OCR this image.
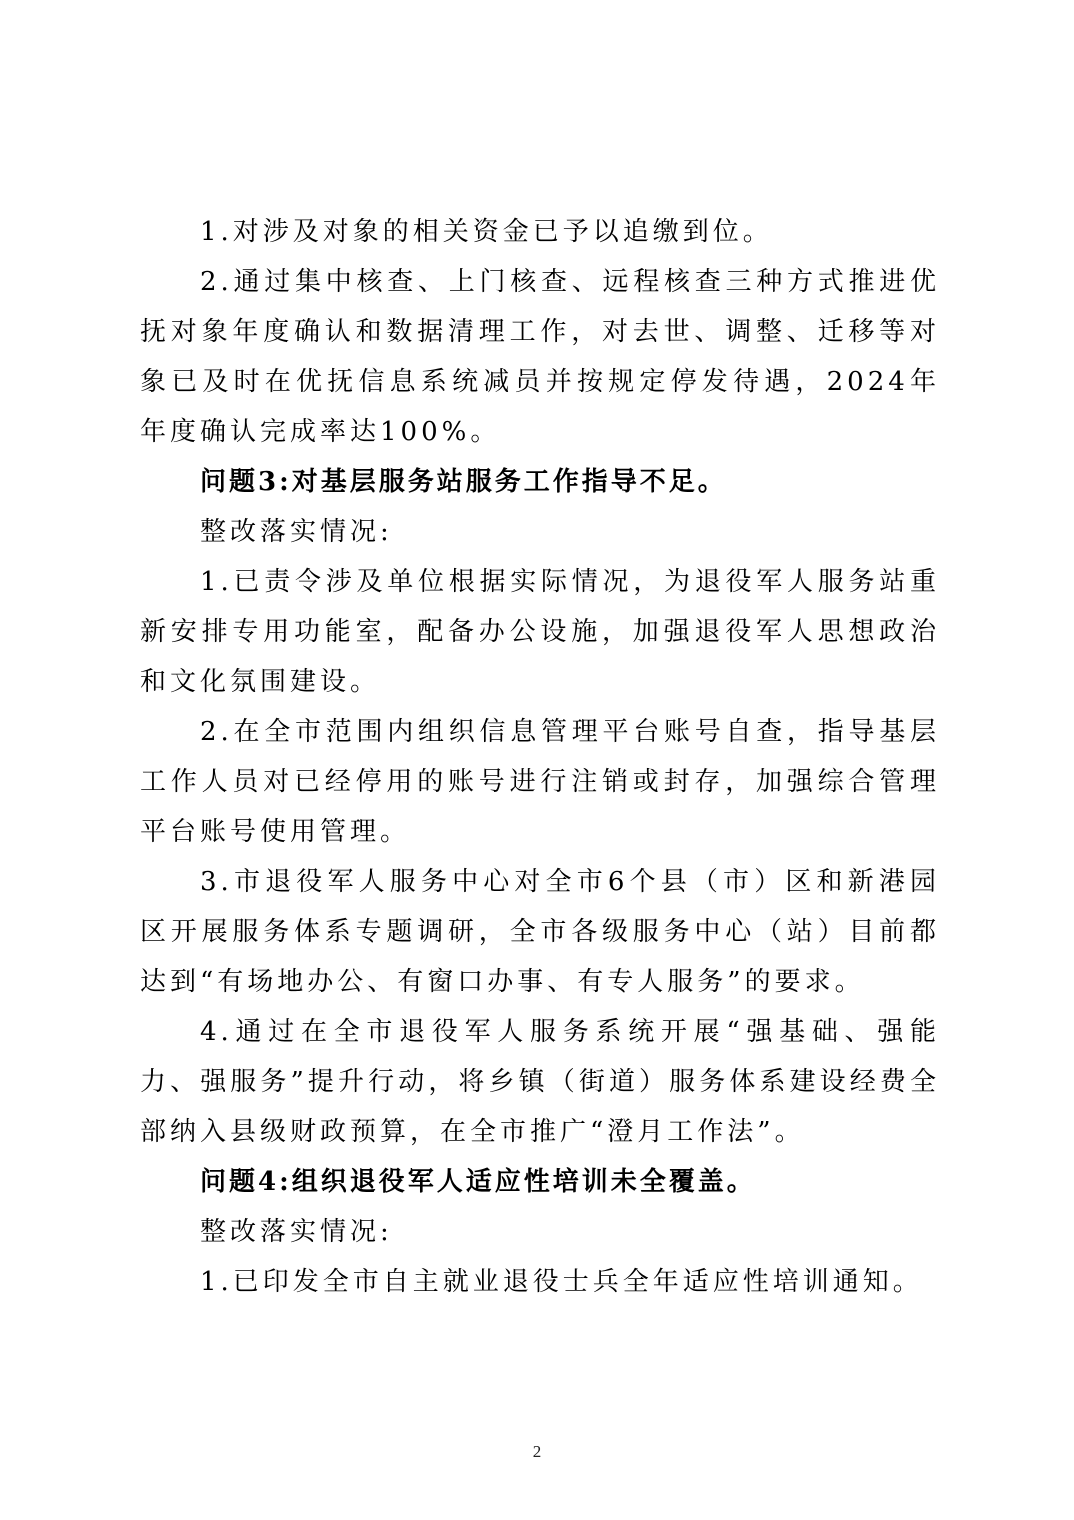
1.对涉及对象的相关资金已予以追缴到位。

2.通过集中核查、上门核查、远程核查三种方式推进优抚对象年度确认和数据清理工作，对去世、调整、迁移等对象已及时在优抚信息系统减员并按规定停发待遇，2024年年度确认完成率达100%。

问题3:对基层服务站服务工作指导不足。

整改落实情况:

1.已责令涉及单位根据实际情况，为退役军人服务站重新安排专用功能室，配备办公设施，加强退役军人思想政治和文化氛围建设。

2.在全市范围内组织信息管理平台账号自查，指导基层工作人员对已经停用的账号进行注销或封存，加强综合管理平台账号使用管理。

3.市退役军人服务中心对全市6个县（市）区和新港园区开展服务体系专题调研，全市各级服务中心（站）目前都达到“有场地办公、有窗口办事、有专人服务”的要求。

4.通过在全市退役军人服务系统开展“强基础、强能力、强服务”提升行动，将乡镇（街道）服务体系建设经费全部纳入县级财政预算，在全市推广“澄月工作法”。

问题4:组织退役军人适应性培训未全覆盖。

整改落实情况:

1.已印发全市自主就业退役士兵全年适应性培训通知。

2
